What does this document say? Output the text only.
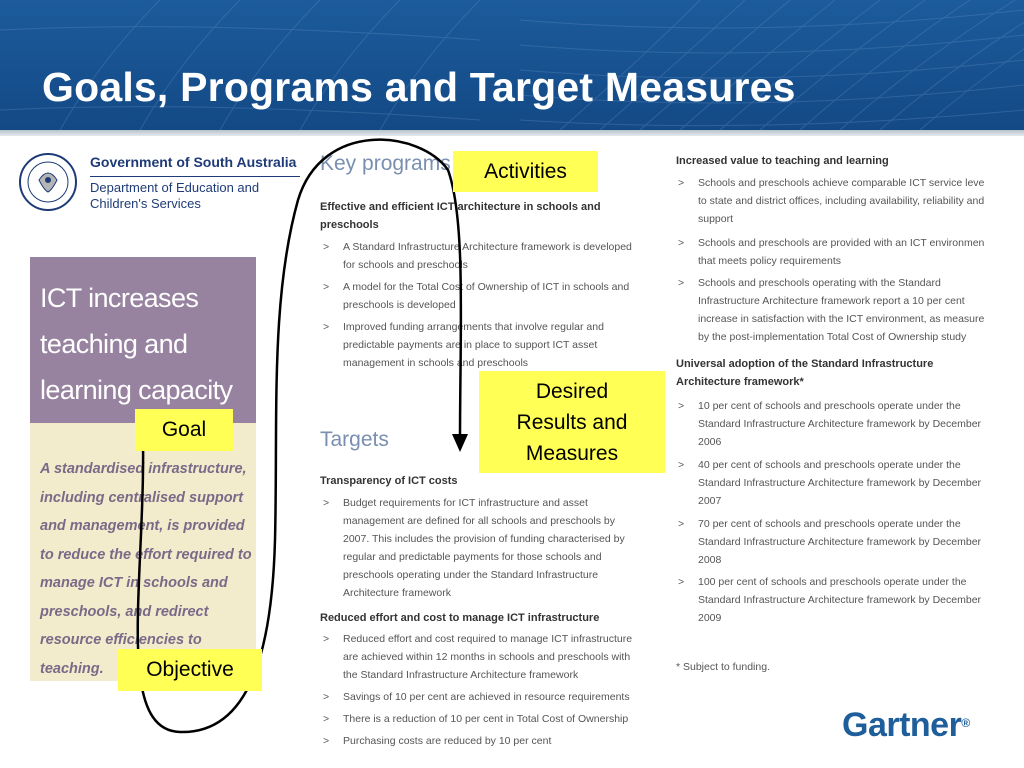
Goals, Programs and Target Measures
Government of South Australia
Department of Education and
Children's Services
ICT increases
teaching and
learning capacity
A standardised infrastructure,
including centralised support
and management, is provided
to reduce the effort required to
manage ICT in schools and
preschools, and redirect
resource efficiencies to
teaching.
Key programs
Effective and efficient ICT architecture in schools and
preschools
> A Standard Infrastructure Architecture framework is developed
for schools and preschools
> A model for the Total Cost of Ownership of ICT in schools and
preschools is developed
> Improved funding arrangements that involve regular and
predictable payments are in place to support ICT asset
management in schools and preschools
Targets
Transparency of ICT costs
> Budget requirements for ICT infrastructure and asset
management are defined for all schools and preschools by
2007. This includes the provision of funding characterised by
regular and predictable payments for those schools and
preschools operating under the Standard Infrastructure
Architecture framework
Reduced effort and cost to manage ICT infrastructure
> Reduced effort and cost required to manage ICT infrastructure
are achieved within 12 months in schools and preschools with
the Standard Infrastructure Architecture framework
> Savings of 10 per cent are achieved in resource requirements
> There is a reduction of 10 per cent in Total Cost of Ownership
> Purchasing costs are reduced by 10 per cent
Increased value to teaching and learning
> Schools and preschools achieve comparable ICT service leve
to state and district offices, including availability, reliability and
support
> Schools and preschools are provided with an ICT environmen
that meets policy requirements
> Schools and preschools operating with the Standard
Infrastructure Architecture framework report a 10 per cent
increase in satisfaction with the ICT environment, as measure
by the post-implementation Total Cost of Ownership study
Universal adoption of the Standard Infrastructure
Architecture framework*
> 10 per cent of schools and preschools operate under the
Standard Infrastructure Architecture framework by December
2006
> 40 per cent of schools and preschools operate under the
Standard Infrastructure Architecture framework by December
2007
> 70 per cent of schools and preschools operate under the
Standard Infrastructure Architecture framework by December
2008
> 100 per cent of schools and preschools operate under the
Standard Infrastructure Architecture framework by December
2009
* Subject to funding.
Activities
Desired
Results and
Measures
Goal
Objective
Gartner®
